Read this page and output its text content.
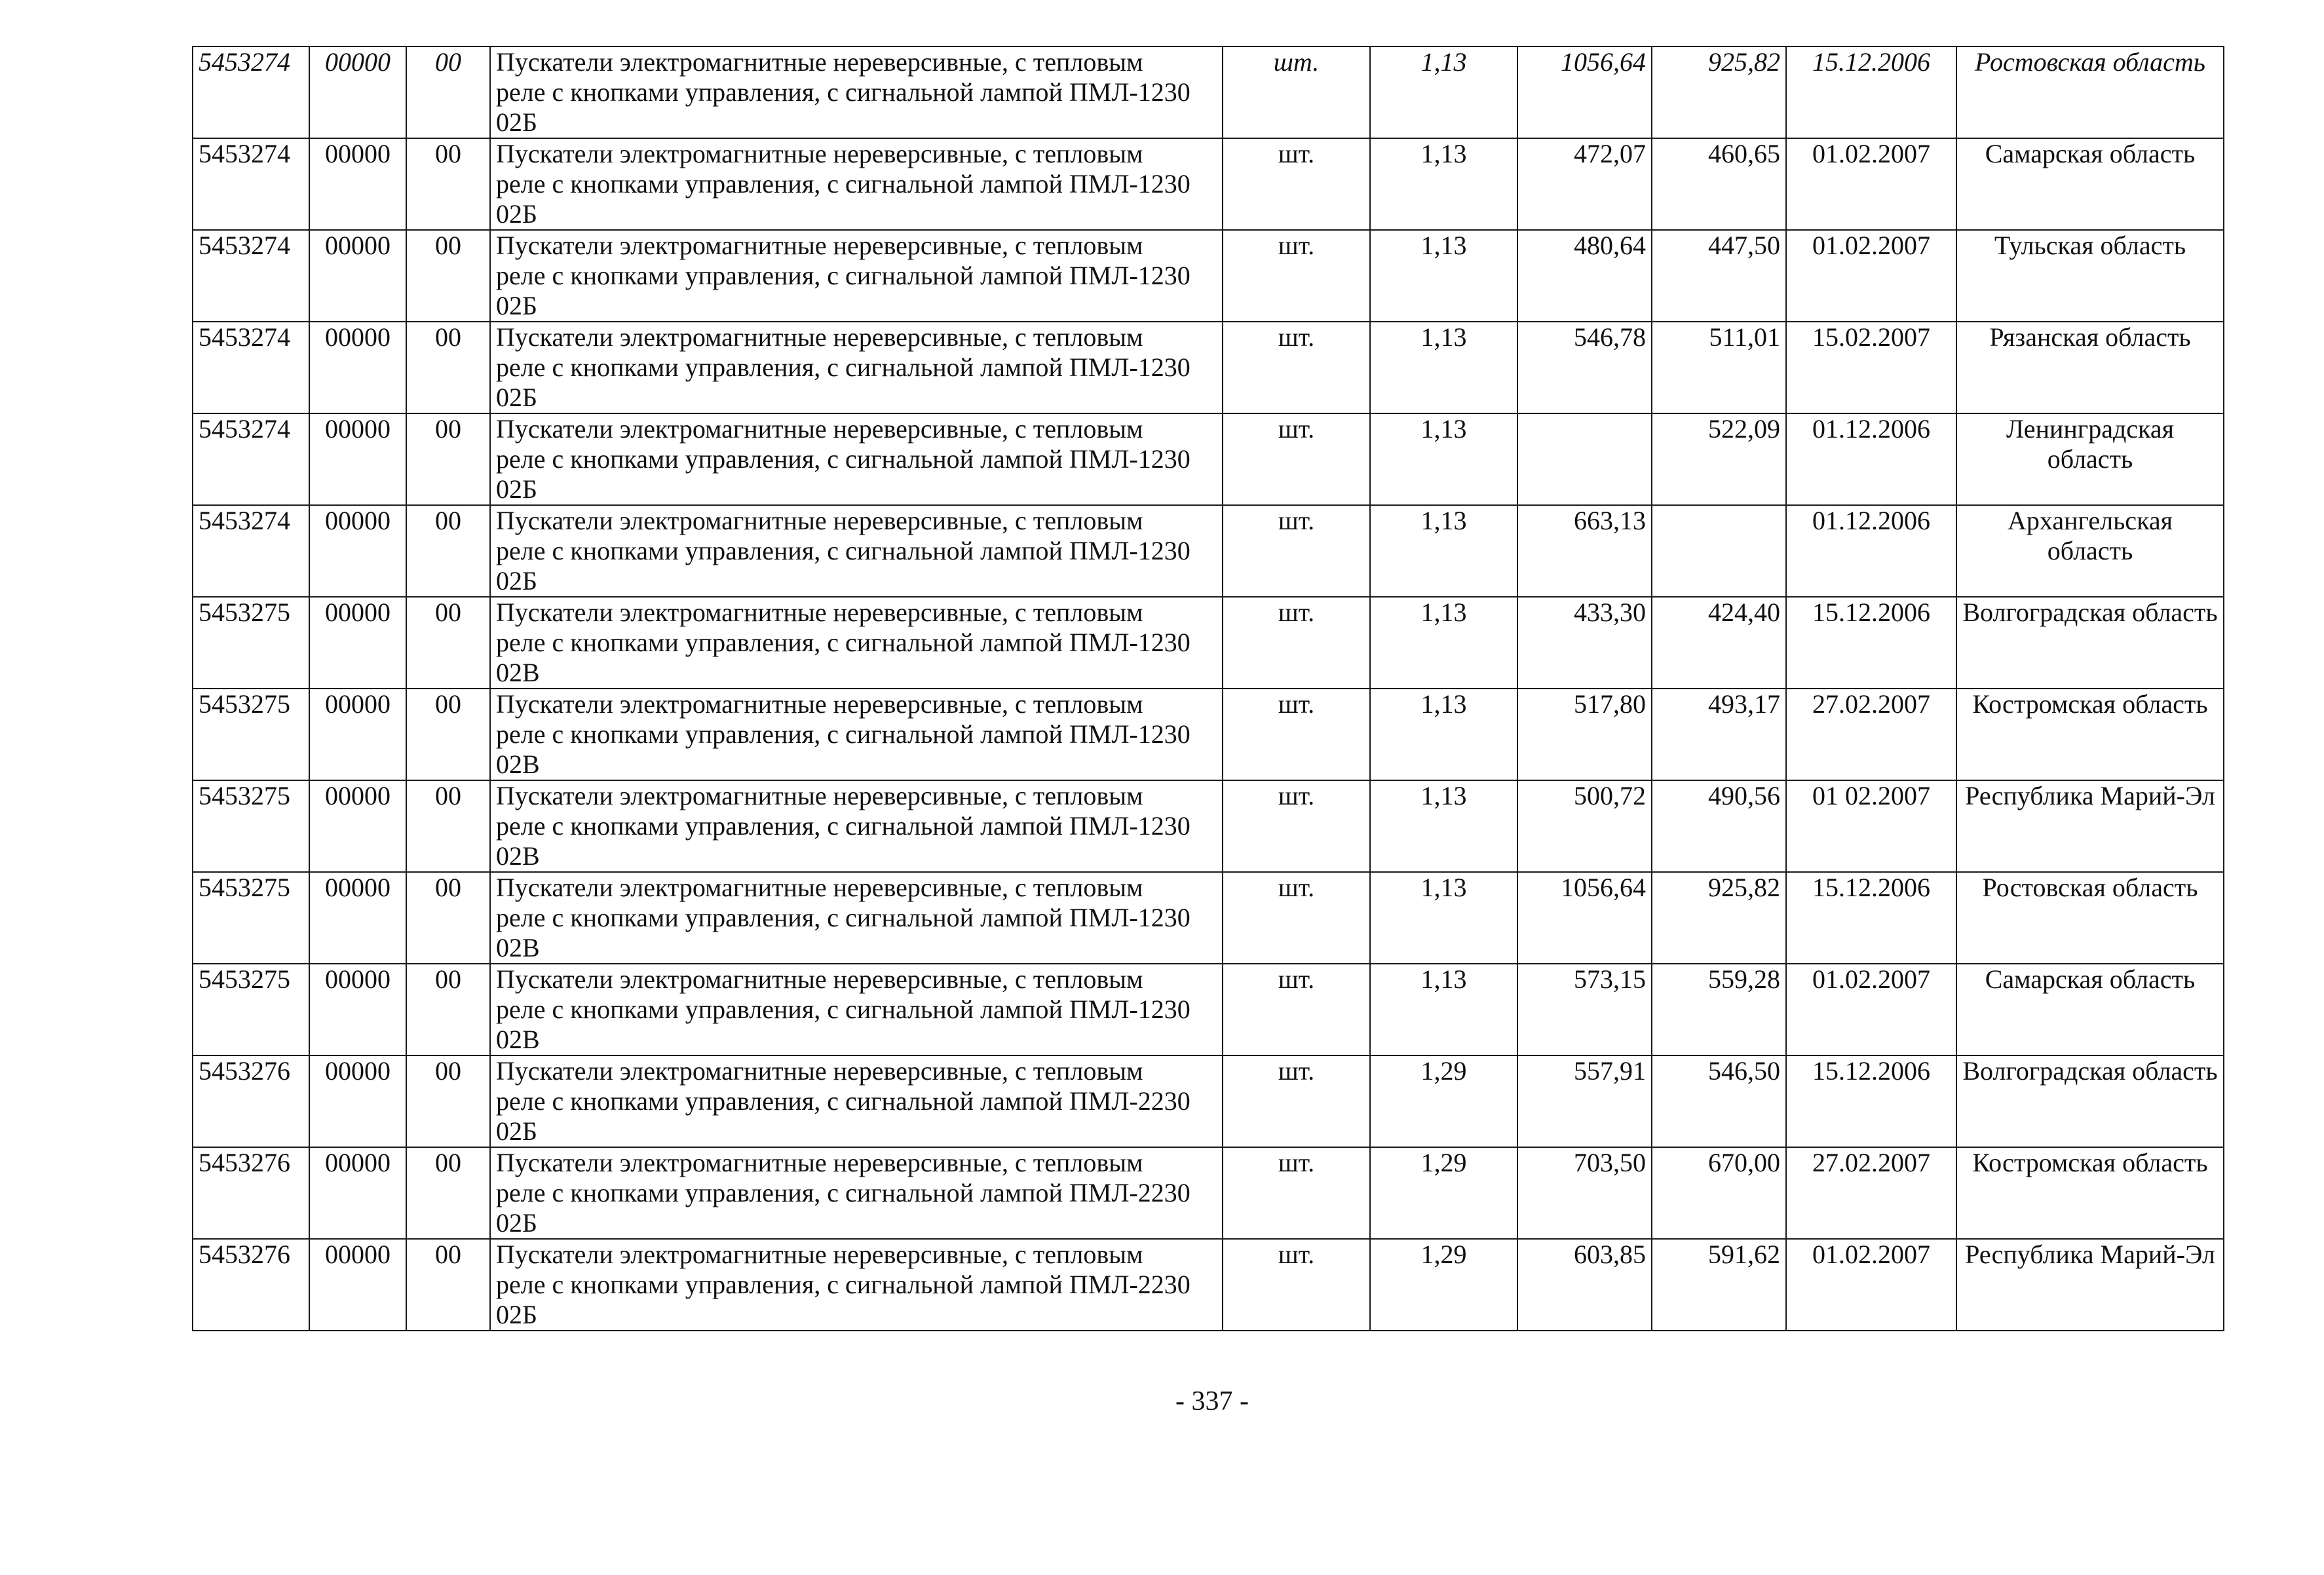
5453274	00000	00	Пускатели электромагнитные нереверсивные, с тепловым
реле с кнопками управления, с сигнальной лампой ПМЛ-1230
02Б	шт.	1,13	1056,64	925,82	15.12.2006	Ростовская область
5453274	00000	00	Пускатели электромагнитные нереверсивные, с тепловым
реле с кнопками управления, с сигнальной лампой ПМЛ-1230
02Б	шт.	1,13	472,07	460,65	01.02.2007	Самарская область
5453274	00000	00	Пускатели электромагнитные нереверсивные, с тепловым
реле с кнопками управления, с сигнальной лампой ПМЛ-1230
02Б	шт.	1,13	480,64	447,50	01.02.2007	Тульская область
5453274	00000	00	Пускатели электромагнитные нереверсивные, с тепловым
реле с кнопками управления, с сигнальной лампой ПМЛ-1230
02Б	шт.	1,13	546,78	511,01	15.02.2007	Рязанская область
5453274	00000	00	Пускатели электромагнитные нереверсивные, с тепловым
реле с кнопками управления, с сигнальной лампой ПМЛ-1230
02Б	шт.	1,13		522,09	01.12.2006	Ленинградская область
5453274	00000	00	Пускатели электромагнитные нереверсивные, с тепловым
реле с кнопками управления, с сигнальной лампой ПМЛ-1230
02Б	шт.	1,13	663,13		01.12.2006	Архангельская область
5453275	00000	00	Пускатели электромагнитные нереверсивные, с тепловым
реле с кнопками управления, с сигнальной лампой ПМЛ-1230
02В	шт.	1,13	433,30	424,40	15.12.2006	Волгоградская область
5453275	00000	00	Пускатели электромагнитные нереверсивные, с тепловым
реле с кнопками управления, с сигнальной лампой ПМЛ-1230
02В	шт.	1,13	517,80	493,17	27.02.2007	Костромская область
5453275	00000	00	Пускатели электромагнитные нереверсивные, с тепловым
реле с кнопками управления, с сигнальной лампой ПМЛ-1230
02В	шт.	1,13	500,72	490,56	01 02.2007	Республика Марий-Эл
5453275	00000	00	Пускатели электромагнитные нереверсивные, с тепловым
реле с кнопками управления, с сигнальной лампой ПМЛ-1230
02В	шт.	1,13	1056,64	925,82	15.12.2006	Ростовская область
5453275	00000	00	Пускатели электромагнитные нереверсивные, с тепловым
реле с кнопками управления, с сигнальной лампой ПМЛ-1230
02В	шт.	1,13	573,15	559,28	01.02.2007	Самарская область
5453276	00000	00	Пускатели электромагнитные нереверсивные, с тепловым
реле с кнопками управления, с сигнальной лампой ПМЛ-2230
02Б	шт.	1,29	557,91	546,50	15.12.2006	Волгоградская область
5453276	00000	00	Пускатели электромагнитные нереверсивные, с тепловым
реле с кнопками управления, с сигнальной лампой ПМЛ-2230
02Б	шт.	1,29	703,50	670,00	27.02.2007	Костромская область
5453276	00000	00	Пускатели электромагнитные нереверсивные, с тепловым
реле с кнопками управления, с сигнальной лампой ПМЛ-2230
02Б	шт.	1,29	603,85	591,62	01.02.2007	Республика Марий-Эл
- 337 -
